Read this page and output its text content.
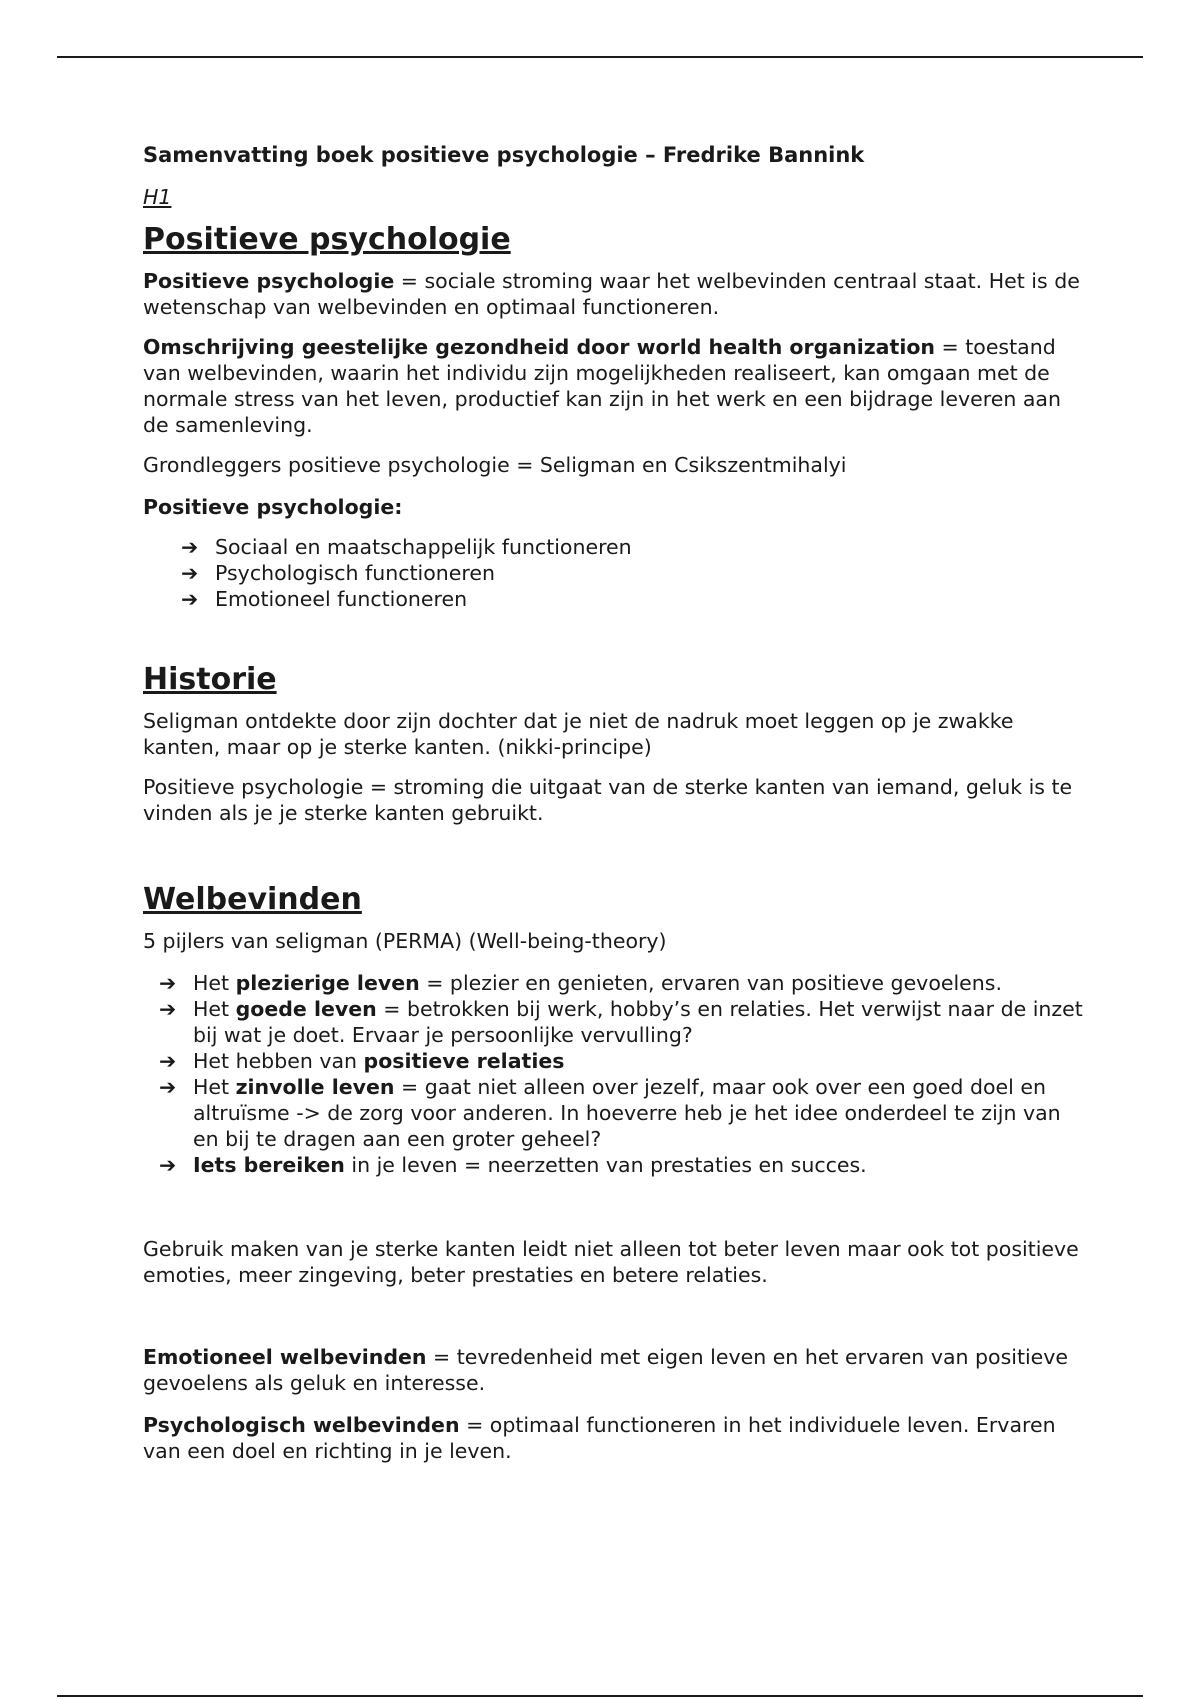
Samenvatting boek positieve psychologie – Fredrike Bannink

H1

Positieve psychologie

Positieve psychologie = sociale stroming waar het welbevinden centraal staat. Het is de wetenschap van welbevinden en optimaal functioneren.

Omschrijving geestelijke gezondheid door world health organization = toestand van welbevinden, waarin het individu zijn mogelijkheden realiseert, kan omgaan met de normale stress van het leven, productief kan zijn in het werk en een bijdrage leveren aan de samenleving.

Grondleggers positieve psychologie = Seligman en Csikszentmihalyi

Positieve psychologie:

➔ Sociaal en maatschappelijk functioneren
➔ Psychologisch functioneren
➔ Emotioneel functioneren
Historie

Seligman ontdekte door zijn dochter dat je niet de nadruk moet leggen op je zwakke kanten, maar op je sterke kanten. (nikki-principe)

Positieve psychologie = stroming die uitgaat van de sterke kanten van iemand, geluk is te vinden als je je sterke kanten gebruikt.

Welbevinden

5 pijlers van seligman (PERMA) (Well-being-theory)

➔ Het plezierige leven = plezier en genieten, ervaren van positieve gevoelens.
➔ Het goede leven = betrokken bij werk, hobby’s en relaties. Het verwijst naar de inzet bij wat je doet. Ervaar je persoonlijke vervulling?
➔ Het hebben van positieve relaties
➔ Het zinvolle leven = gaat niet alleen over jezelf, maar ook over een goed doel en altruïsme -> de zorg voor anderen. In hoeverre heb je het idee onderdeel te zijn van en bij te dragen aan een groter geheel?
➔ Iets bereiken in je leven = neerzetten van prestaties en succes.

Gebruik maken van je sterke kanten leidt niet alleen tot beter leven maar ook tot positieve emoties, meer zingeving, beter prestaties en betere relaties.

Emotioneel welbevinden = tevredenheid met eigen leven en het ervaren van positieve gevoelens als geluk en interesse.

Psychologisch welbevinden = optimaal functioneren in het individuele leven. Ervaren van een doel en richting in je leven.
